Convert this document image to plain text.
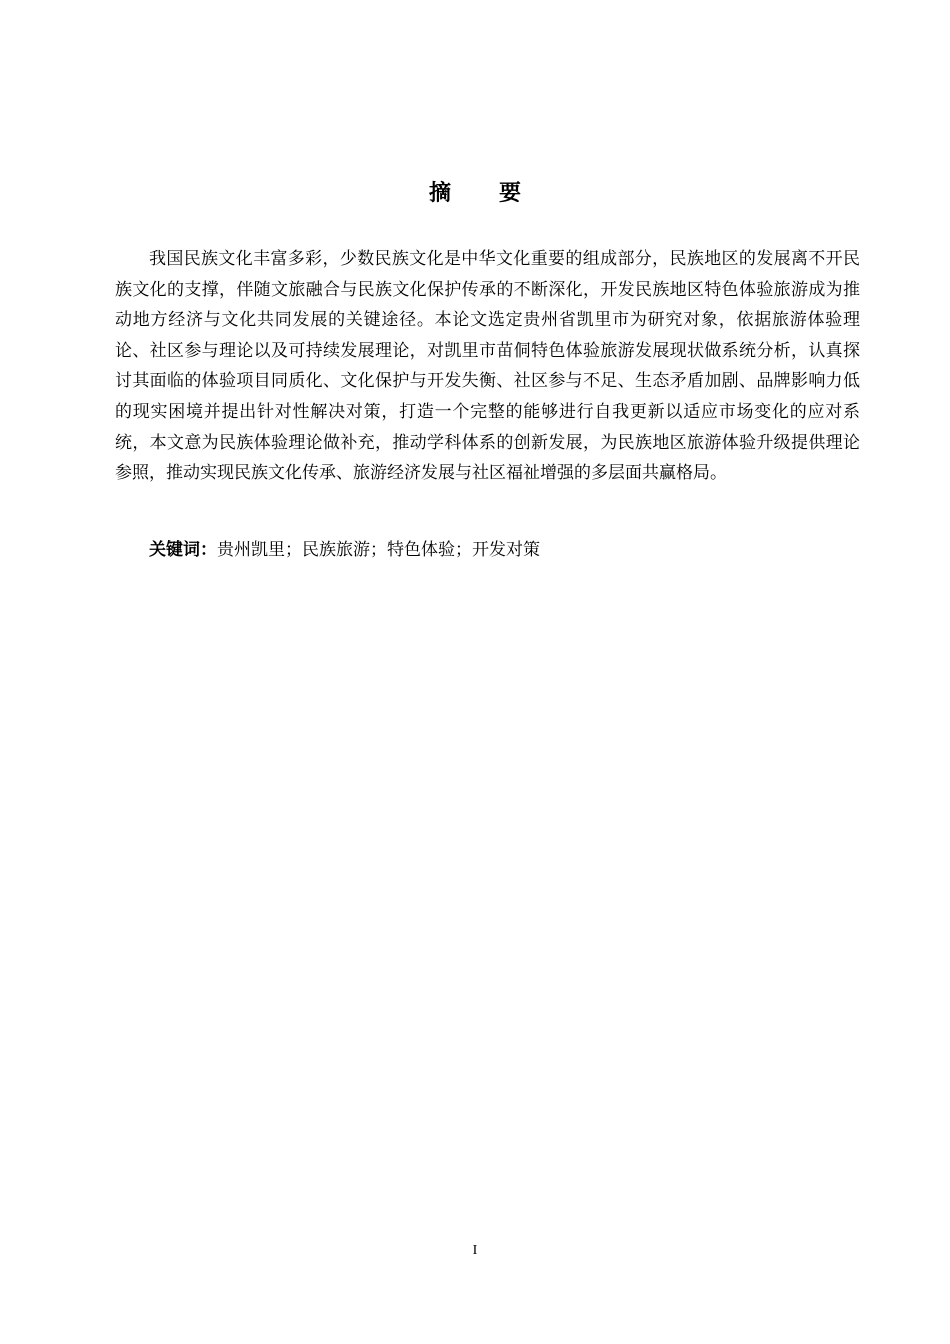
摘要

我国民族文化丰富多彩，少数民族文化是中华文化重要的组成部分，民族地区的发展离不开民族文化的支撑，伴随文旅融合与民族文化保护传承的不断深化，开发民族地区特色体验旅游成为推动地方经济与文化共同发展的关键途径。本论文选定贵州省凯里市为研究对象，依据旅游体验理论、社区参与理论以及可持续发展理论，对凯里市苗侗特色体验旅游发展现状做系统分析，认真探讨其面临的体验项目同质化、文化保护与开发失衡、社区参与不足、生态矛盾加剧、品牌影响力低的现实困境并提出针对性解决对策，打造一个完整的能够进行自我更新以适应市场变化的应对系统，本文意为民族体验理论做补充，推动学科体系的创新发展，为民族地区旅游体验升级提供理论参照，推动实现民族文化传承、旅游经济发展与社区福祉增强的多层面共赢格局。

关键词：贵州凯里；民族旅游；特色体验；开发对策

I
